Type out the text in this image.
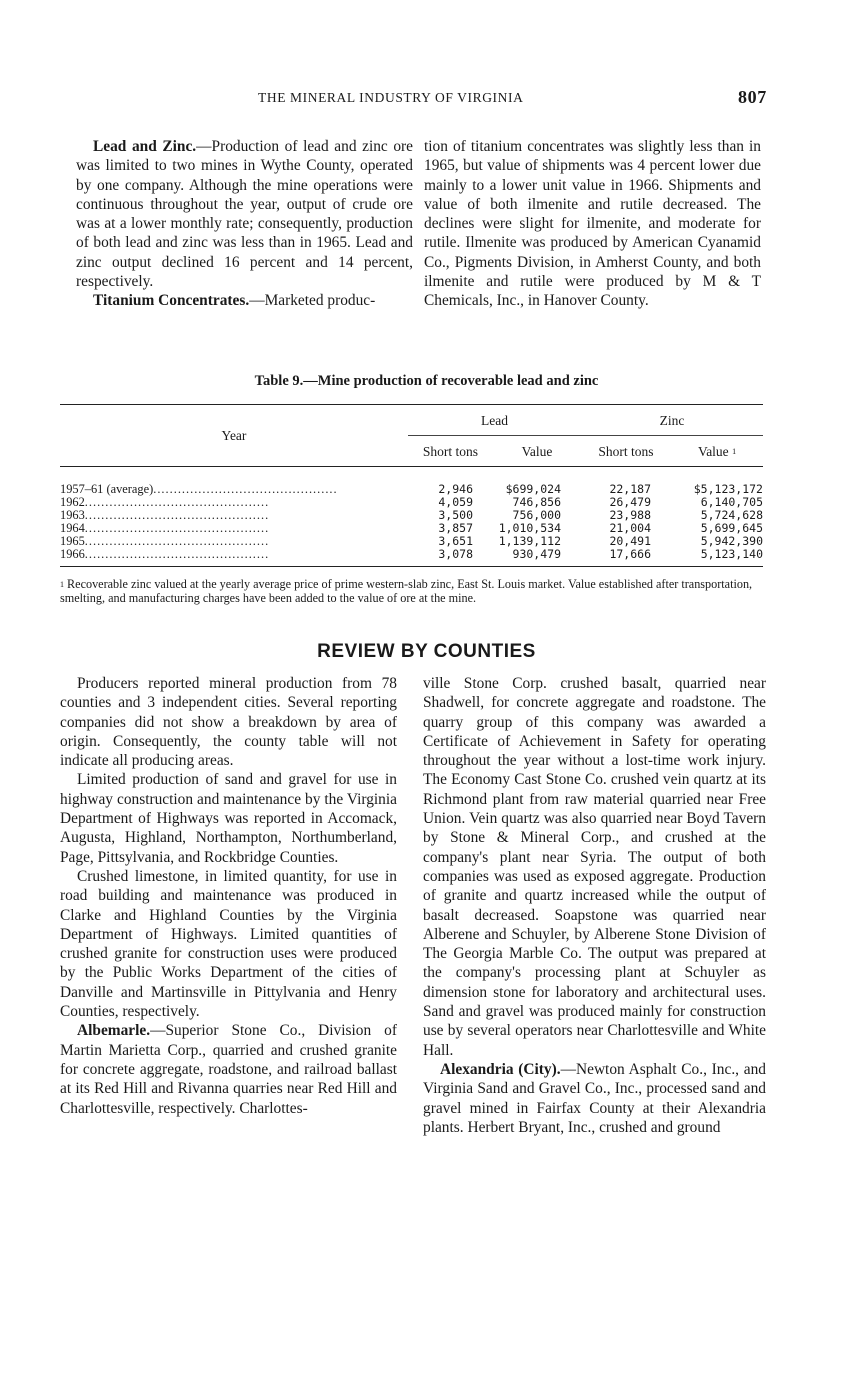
THE MINERAL INDUSTRY OF VIRGINIA	807

Lead and Zinc.—Production of lead and zinc ore was limited to two mines in Wythe County, operated by one company. Although the mine operations were continuous throughout the year, output of crude ore was at a lower monthly rate; consequently, production of both lead and zinc was less than in 1965. Lead and zinc output declined 16 percent and 14 percent, respectively.

Titanium Concentrates.—Marketed produc-

tion of titanium concentrates was slightly less than in 1965, but value of shipments was 4 percent lower due mainly to a lower unit value in 1966. Shipments and value of both ilmenite and rutile decreased. The declines were slight for ilmenite, and moderate for rutile. Ilmenite was produced by American Cyanamid Co., Pigments Division, in Amherst County, and both ilmenite and rutile were produced by M & T Chemicals, Inc., in Hanover County.

Table 9.—Mine production of recoverable lead and zinc
Year	Lead		Zinc	
	Short tons	Value	Short tons	Value $^1$
1957–61 (average).............................................	2,946	$699,024	22,187	$5,123,172
1962.............................................	4,059	746,856	26,479	6,140,705
1963.............................................	3,500	756,000	23,988	5,724,628
1964.............................................	3,857	1,010,534	21,004	5,699,645
1965.............................................	3,651	1,139,112	20,491	5,942,390
1966.............................................	3,078	930,479	17,666	5,123,140
$^1$ Recoverable zinc valued at the yearly average price of prime western-slab zinc, East St. Louis market. Value established after transportation, smelting, and manufacturing charges have been added to the value of ore at the mine.
REVIEW BY COUNTIES

Producers reported mineral production from 78 counties and 3 independent cities. Several reporting companies did not show a breakdown by area of origin. Consequently, the county table will not indicate all producing areas.

Limited production of sand and gravel for use in highway construction and maintenance by the Virginia Department of Highways was reported in Accomack, Augusta, Highland, Northampton, Northumberland, Page, Pittsylvania, and Rockbridge Counties.

Crushed limestone, in limited quantity, for use in road building and maintenance was produced in Clarke and Highland Counties by the Virginia Department of Highways. Limited quantities of crushed granite for construction uses were produced by the Public Works Department of the cities of Danville and Martinsville in Pittylvania and Henry Counties, respectively.

Albemarle.—Superior Stone Co., Division of Martin Marietta Corp., quarried and crushed granite for concrete aggregate, roadstone, and railroad ballast at its Red Hill and Rivanna quarries near Red Hill and Charlottesville, respectively. Charlottes-

ville Stone Corp. crushed basalt, quarried near Shadwell, for concrete aggregate and roadstone. The quarry group of this company was awarded a Certificate of Achievement in Safety for operating throughout the year without a lost-time work injury. The Economy Cast Stone Co. crushed vein quartz at its Richmond plant from raw material quarried near Free Union. Vein quartz was also quarried near Boyd Tavern by Stone & Mineral Corp., and crushed at the company's plant near Syria. The output of both companies was used as exposed aggregate. Production of granite and quartz increased while the output of basalt decreased. Soapstone was quarried near Alberene and Schuyler, by Alberene Stone Division of The Georgia Marble Co. The output was prepared at the company's processing plant at Schuyler as dimension stone for laboratory and architectural uses. Sand and gravel was produced mainly for construction use by several operators near Charlottesville and White Hall.

Alexandria (City).—Newton Asphalt Co., Inc., and Virginia Sand and Gravel Co., Inc., processed sand and gravel mined in Fairfax County at their Alexandria plants. Herbert Bryant, Inc., crushed and ground
